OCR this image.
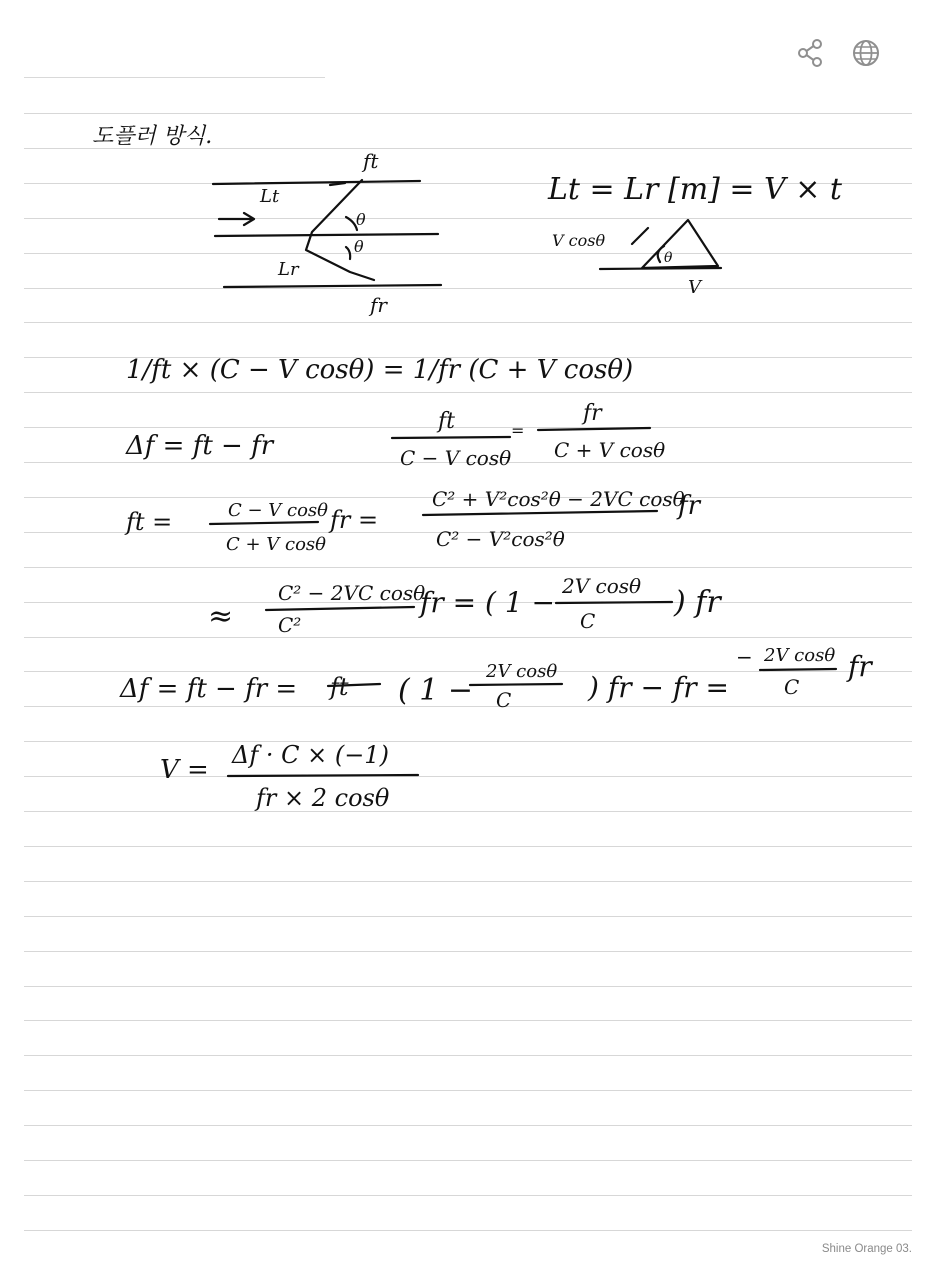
도플러 방식.
ft
fr
Lt
Lr
θ
θ
Lt = Lr [m] = V × t
θ
V cosθ
V
1/ft × (C − V cosθ) = 1/fr (C + V cosθ)
Δf = ft − fr
ft
C − V cosθ
=
fr
C + V cosθ
ft =	C − V cosθ
C + V cosθ
fr =
C² + V²cos²θ − 2VC cosθ
C² − V²cos²θ
fr
≈
C² − 2VC cosθ
C²
fr = ( 1 − 2V cosθ
C
) fr
Δf = ft − fr = ft ( 1 −
2V cosθ
C	) fr − fr =
− 2V cosθ
C
fr
V = Δf · C × (−1)
fr × 2 cosθ
Shine Orange 03.
